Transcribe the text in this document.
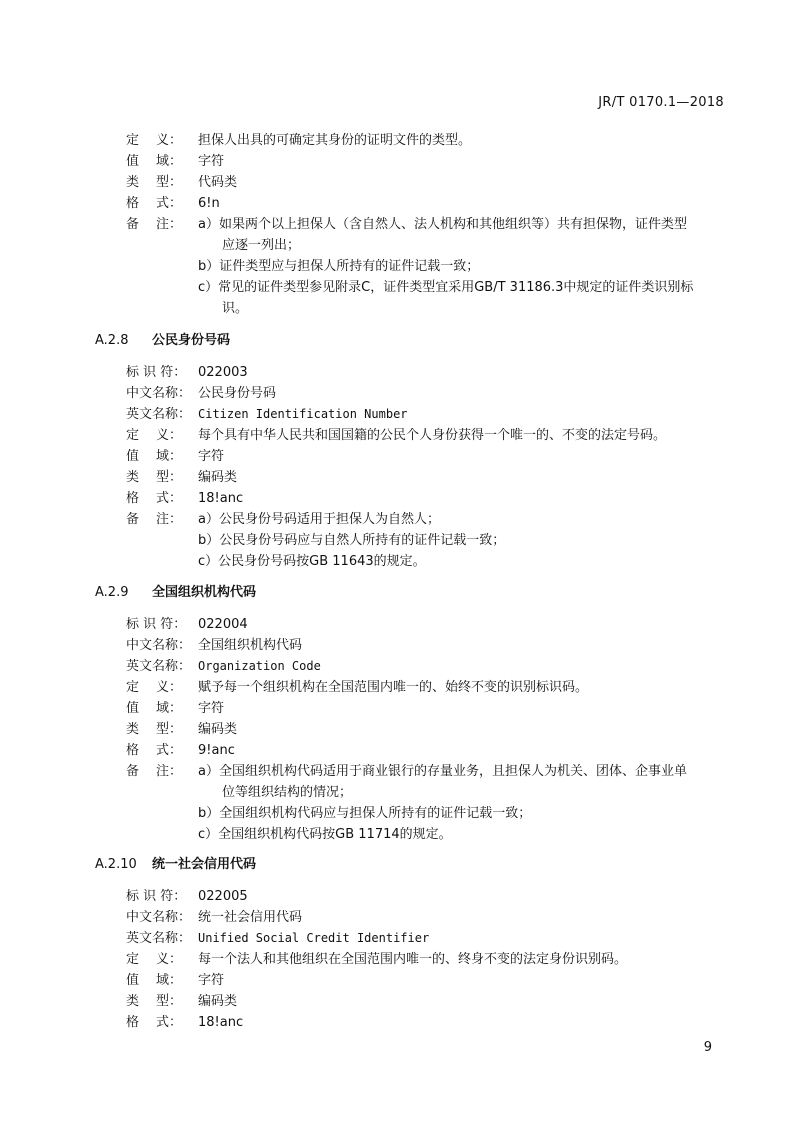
JR/T 0170.1—2018
定 义： 担保人出具的可确定其身份的证明文件的类型。
值 域： 字符
类 型： 代码类
格 式： 6!n
备 注： a）如果两个以上担保人（含自然人、法人机构和其他组织等）共有担保物，证件类型
应逐一列出；
b）证件类型应与担保人所持有的证件记载一致；
c）常见的证件类型参见附录C，证件类型宜采用GB/T 31186.3中规定的证件类识别标
识。
A.2.8 公民身份号码
标 识 符： 022003
中文名称： 公民身份号码
英文名称： Citizen Identification Number
定 义： 每个具有中华人民共和国国籍的公民个人身份获得一个唯一的、不变的法定号码。
值 域： 字符
类 型： 编码类
格 式： 18!anc
备 注： a）公民身份号码适用于担保人为自然人；
b）公民身份号码应与自然人所持有的证件记载一致；
c）公民身份号码按GB 11643的规定。
A.2.9 全国组织机构代码
标 识 符： 022004
中文名称： 全国组织机构代码
英文名称： Organization Code
定 义： 赋予每一个组织机构在全国范围内唯一的、始终不变的识别标识码。
值 域： 字符
类 型： 编码类
格 式： 9!anc
备 注： a）全国组织机构代码适用于商业银行的存量业务，且担保人为机关、团体、企事业单
位等组织结构的情况；
b）全国组织机构代码应与担保人所持有的证件记载一致；
c）全国组织机构代码按GB 11714的规定。
A.2.10 统一社会信用代码
标 识 符： 022005
中文名称： 统一社会信用代码
英文名称： Unified Social Credit Identifier
定 义： 每一个法人和其他组织在全国范围内唯一的、终身不变的法定身份识别码。
值 域： 字符
类 型： 编码类
格 式： 18!anc
9
